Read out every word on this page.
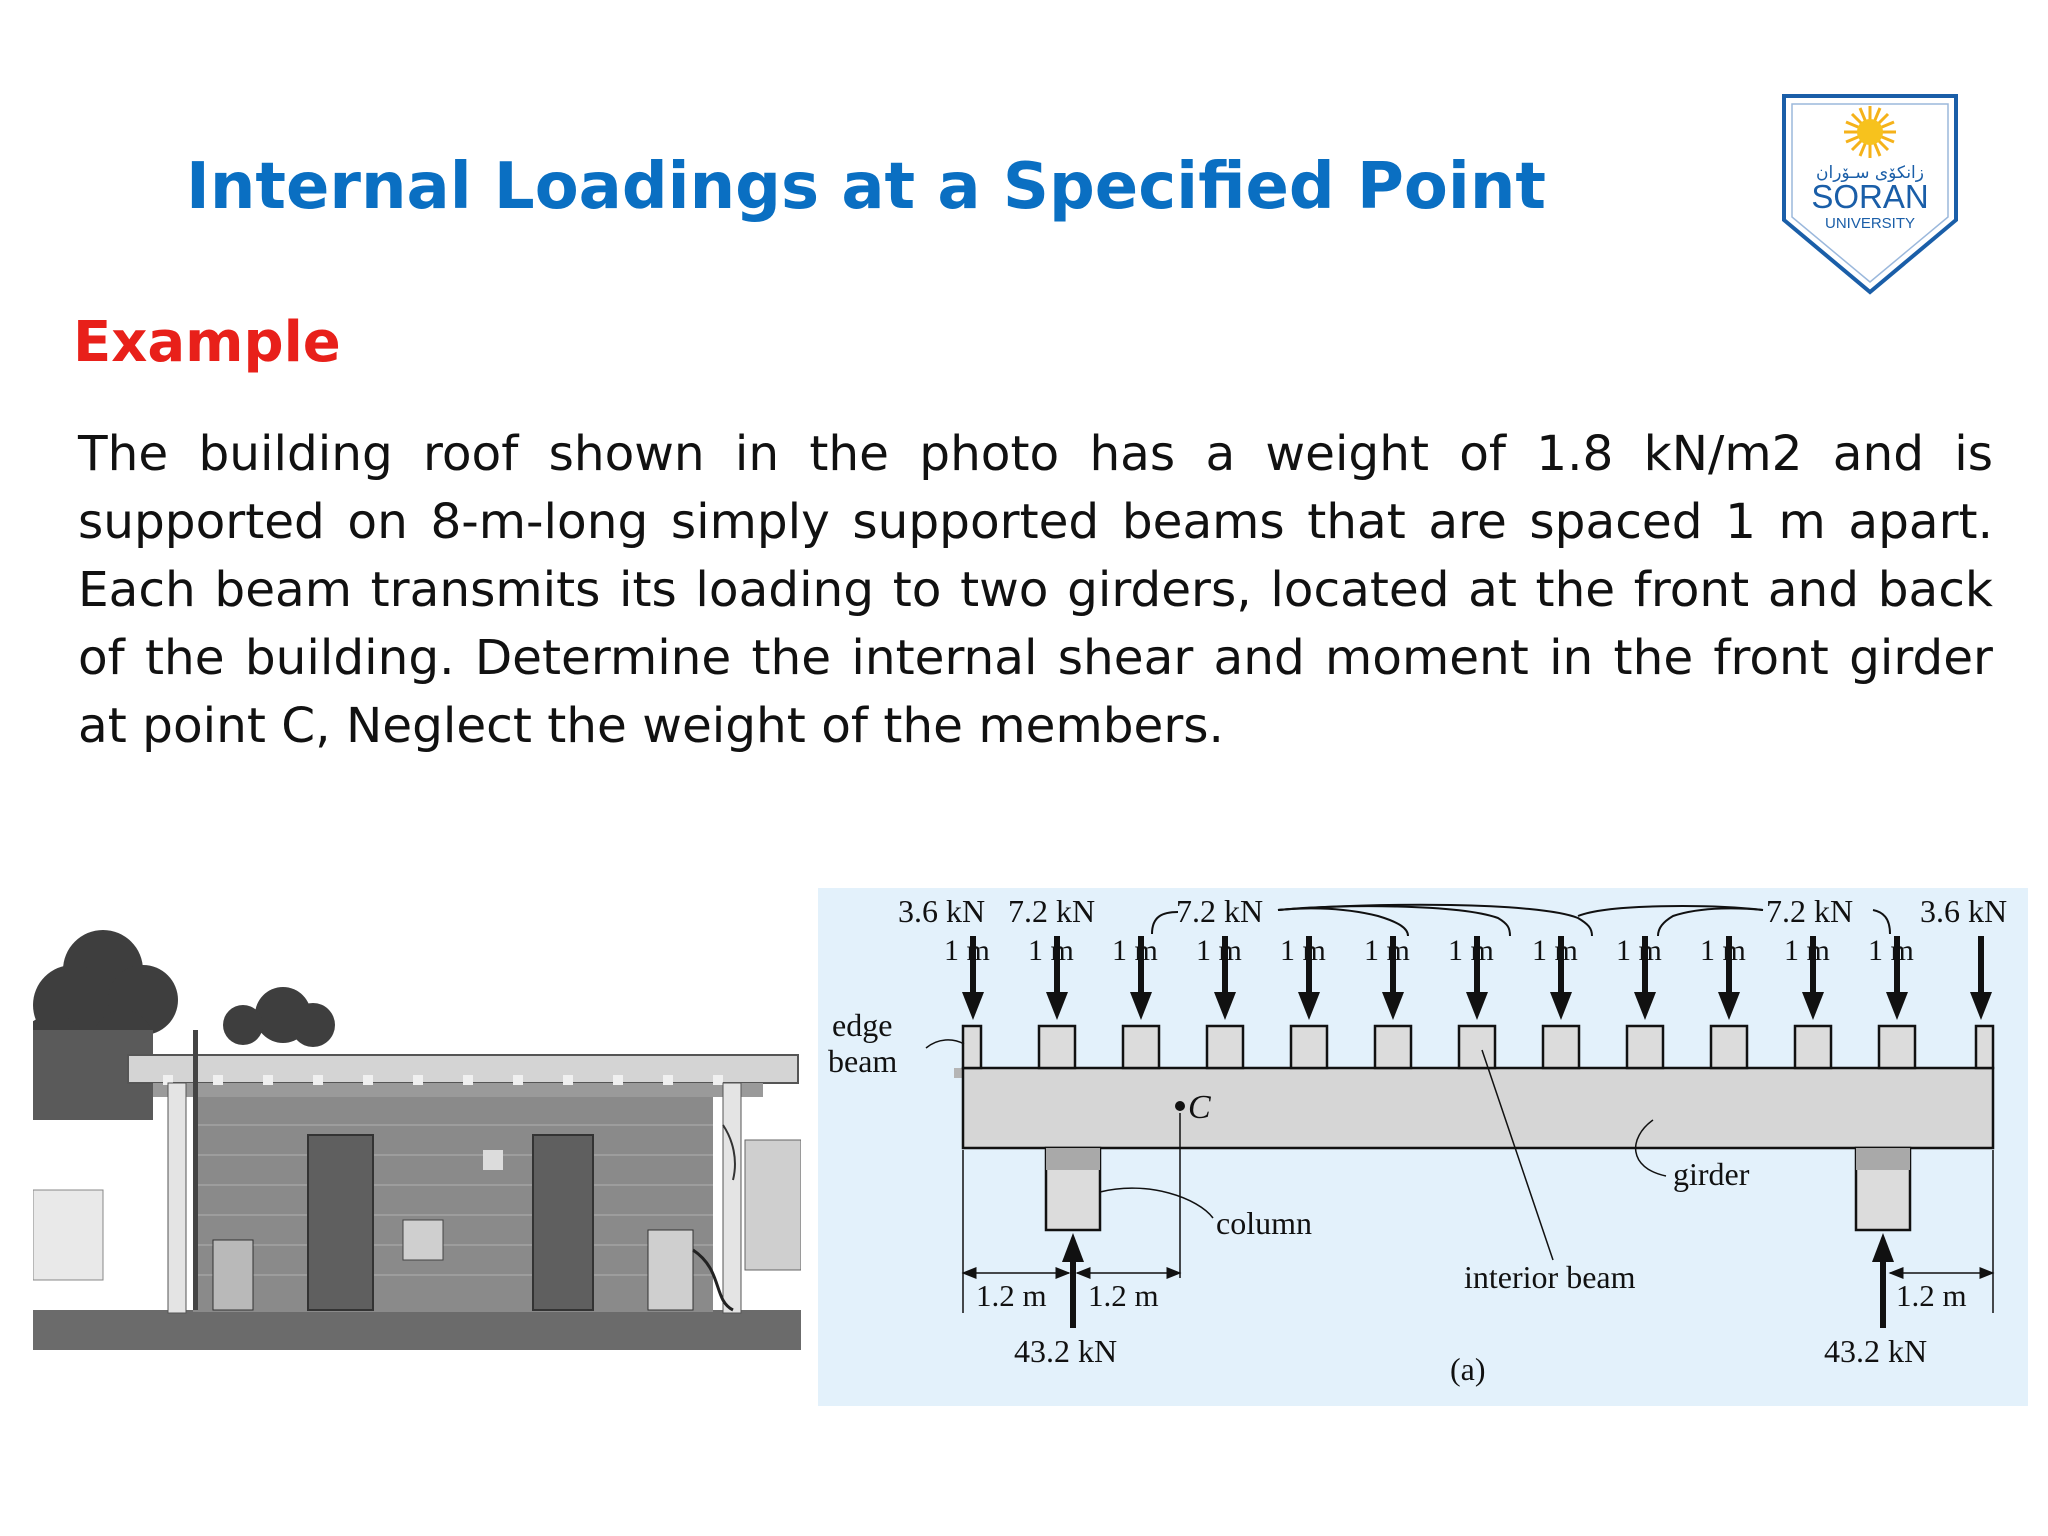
Internal Loadings at a Specified Point
Example

The building roof shown in the photo has a weight of 1.8 kN/m2 and is supported on 8-m-long simply supported beams that are spaced 1 m apart. Each beam transmits its loading to two girders, located at the front and back of the building. Determine the internal shear and moment in the front girder at point C, Neglect the weight of the members.

زانکۆی سـۆران
SORAN
UNIVERSITY
3.6 kN 7.2 kN	7.2 kN	7.2 kN 3.6 kN
1 m 1 m 1 m 1 m 1 m 1 m 1 m 1 m 1 m 1 m 1 m 1 m
edge
beam
C
girder
column
interior beam
1.2 m 1.2 m	1.2 m
43.2 kN	43.2 kN
(a)
